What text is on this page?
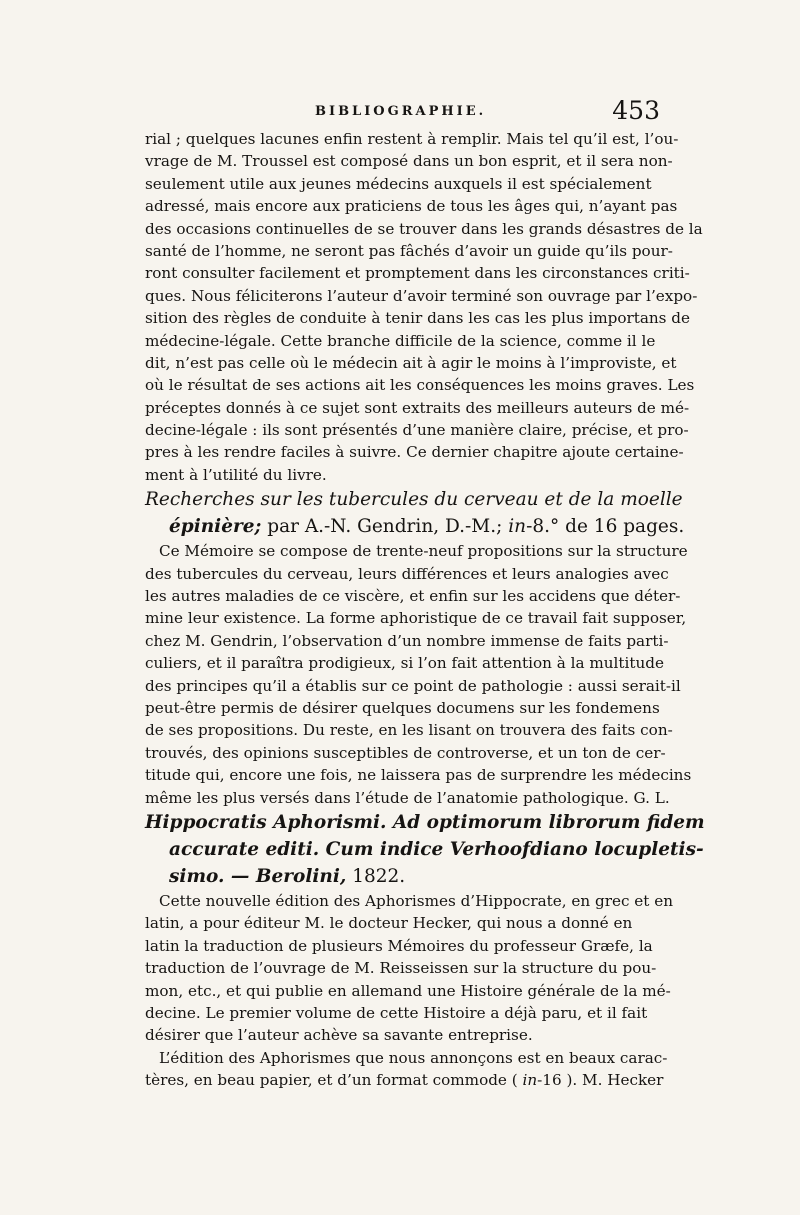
BIBLIOGRAPHIE.	453
rial ; quelques lacunes enfin restent à remplir. Mais tel qu’il est, l’ou-
vrage de M. Troussel est composé dans un bon esprit, et il sera non-
seulement utile aux jeunes médecins auxquels il est spécialement
adressé, mais encore aux praticiens de tous les âges qui, n’ayant pas
des occasions continuelles de se trouver dans les grands désastres de la
santé de l’homme, ne seront pas fâchés d’avoir un guide qu’ils pour-
ront consulter facilement et promptement dans les circonstances criti-
ques. Nous féliciterons l’auteur d’avoir terminé son ouvrage par l’expo-
sition des règles de conduite à tenir dans les cas les plus importans de
médecine-légale. Cette branche difficile de la science, comme il le
dit, n’est pas celle où le médecin ait à agir le moins à l’improviste, et
où le résultat de ses actions ait les conséquences les moins graves. Les
préceptes donnés à ce sujet sont extraits des meilleurs auteurs de mé-
decine-légale : ils sont présentés d’une manière claire, précise, et pro-
pres à les rendre faciles à suivre. Ce dernier chapitre ajoute certaine-
ment à l’utilité du livre.
Recherches sur les tubercules du cerveau et de la moelle
épinière; par A.-N. Gendrin, D.-M.; in -8.° de 16 pages.
Ce Mémoire se compose de trente-neuf propositions sur la structure
des tubercules du cerveau, leurs différences et leurs analogies avec
les autres maladies de ce viscère, et enfin sur les accidens que déter-
mine leur existence. La forme aphoristique de ce travail fait supposer,
chez M. Gendrin, l’observation d’un nombre immense de faits parti-
culiers, et il paraîtra prodigieux, si l’on fait attention à la multitude
des principes qu’il a établis sur ce point de pathologie : aussi serait-il
peut-être permis de désirer quelques documens sur les fondemens
de ses propositions. Du reste, en les lisant on trouvera des faits con-
trouvés, des opinions susceptibles de controverse, et un ton de cer-
titude qui, encore une fois, ne laissera pas de surprendre les médecins
même les plus versés dans l’étude de l’anatomie pathologique. G. L.
Hippocratis Aphorismi. Ad optimorum librorum fidem
accurate editi. Cum indice Verhoofdiano locupletis-
simo. — Berolini, 1822.
Cette nouvelle édition des Aphorismes d’Hippocrate, en grec et en
latin, a pour éditeur M. le docteur Hecker, qui nous a donné en
latin la traduction de plusieurs Mémoires du professeur Græfe, la
traduction de l’ouvrage de M. Reisseissen sur la structure du pou-
mon, etc., et qui publie en allemand une Histoire générale de la mé-
decine. Le premier volume de cette Histoire a déjà paru, et il fait
désirer que l’auteur achève sa savante entreprise.
L’édition des Aphorismes que nous annonçons est en beaux carac-
tères, en beau papier, et d’un format commode ( in -16 ). M. Hecker
